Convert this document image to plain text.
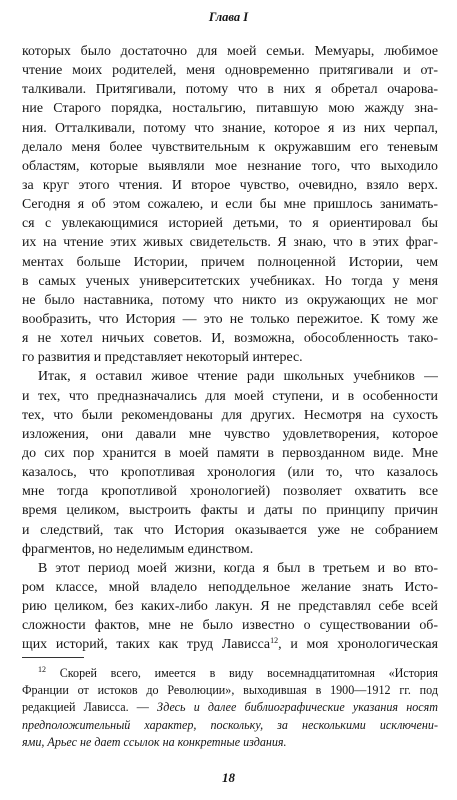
Глава I
которых было достаточно для моей семьи. Мемуары, любимое
чтение моих родителей, меня одновременно притягивали и от-
талкивали. Притягивали, потому что в них я обретал очарова-
ние Старого порядка, ностальгию, питавшую мою жажду зна-
ния. Отталкивали, потому что знание, которое я из них черпал,
делало меня более чувствительным к окружавшим его теневым
областям, которые выявляли мое незнание того, что выходило
за круг этого чтения. И второе чувство, очевидно, взяло верх.
Сегодня я об этом сожалею, и если бы мне пришлось занимать-
ся с увлекающимися историей детьми, то я ориентировал бы
их на чтение этих живых свидетельств. Я знаю, что в этих фраг-
ментах больше Истории, причем полноценной Истории, чем
в самых ученых университетских учебниках. Но тогда у меня
не было наставника, потому что никто из окружающих не мог
вообразить, что История — это не только пережитое. К тому же
я не хотел ничьих советов. И, возможна, обособленность тако-
го развития и представляет некоторый интерес.
Итак, я оставил живое чтение ради школьных учебников —
и тех, что предназначались для моей ступени, и в особенности
тех, что были рекомендованы для других. Несмотря на сухость
изложения, они давали мне чувство удовлетворения, которое
до сих пор хранится в моей памяти в первозданном виде. Мне
казалось, что кропотливая хронология (или то, что казалось
мне тогда кропотливой хронологией) позволяет охватить все
время целиком, выстроить факты и даты по принципу причин
и следствий, так что История оказывается уже не собранием
фрагментов, но неделимым единством.
В этот период моей жизни, когда я был в третьем и во вто-
ром классе, мной владело неподдельное желание знать Исто-
рию целиком, без каких-либо лакун. Я не представлял себе всей
сложности фактов, мне не было известно о существовании об-
щих историй, таких как труд Лависса$^{12}$, и моя хронологическая
$^{12}$ Скорей всего, имеется в виду восемнадцатитомная «История
Франции от истоков до Революции», выходившая в 1900—1912 гг. под
редакцией Лависса. — Здесь и далее библиографические указания носят
предположительный характер, поскольку, за несколькими исключени-
ями, Арьес не дает ссылок на конкретные издания.
18
